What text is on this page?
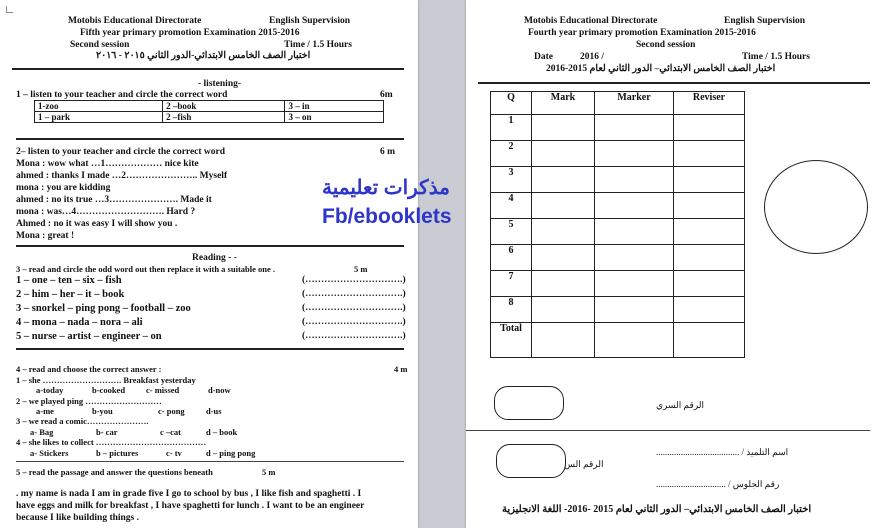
Motobis Educational Directorate	English Supervision
Fifth year primary promotion Examination 2015-2016
Second session	Time / 1.5 Hours
اختبار الصف الخامس الابتدائي-الدور الثاني ٢٠١٥ - ٢٠١٦
- listening-
1 – listen to your teacher and circle the correct word	6m
1-zoo	2 –book	3 – in
1 – park	2 –fish	3 – on
2– listen to your teacher and circle the correct word	6 m
Mona : wow what …1……………… nice kite
ahmed : thanks I made …2………………….. Myself
mona : you are kidding
ahmed : no its true …3…………………. Made it
mona : was…4………………………. Hard ?
Ahmed : no it was easy I will show you .
Mona : great !
Reading - -
3 – read and circle the odd word out then replace it with a suitable one .	5 m
1 – one – ten – six – fish	(………………………….)
2 – him – her – it – book	(………………………….)
3 – snorkel – ping pong – football – zoo	(………………………….)
4 – mona – nada – nora – ali	(………………………….)
5 – nurse – artist – engineer – on	(………………………….)
4 – read and choose the correct answer :	4 m
1 – she ………………………. Breakfast yesterday
a-today	b-cooked c- missed	d-now
2 – we played ping ………………………
a-me	b-you	c- pong	d-us
3 – we read a comic………………….
a- Bag	b- car	c –cat	d – book
4 – she likes to collect …………………………………
a- Stickers	b – pictures	c- tv	d – ping pong
5 – read the passage and answer the questions beneath	5 m
. my name is nada I am in grade five I go to school by bus , I like fish and spaghetti . I
have eggs and milk for breakfast , I have spaghetti for lunch . I want to be an engineer
because I like building things .
Motobis Educational Directorate	English Supervision
Fourth year primary promotion Examination 2015-2016
Second session
Date	2016 /	Time / 1.5 Hours
اختبار الصف الخامس الابتدائي– الدور الثاني لعام 2015-2016
Q	Mark	Marker	Reviser
1			
2			
3			
4			
5			
6			
7			
8			
Total			
الرقم السري
اسم التلميذ / .....................................
الرقم الس
رقم الجلوس / ...............................
اختبار الصف الخامس الابتدائي– الدور الثاني لعام 2015 -2016- اللغة الانجليزية
مذكرات تعليمية
Fb/ebooklets
